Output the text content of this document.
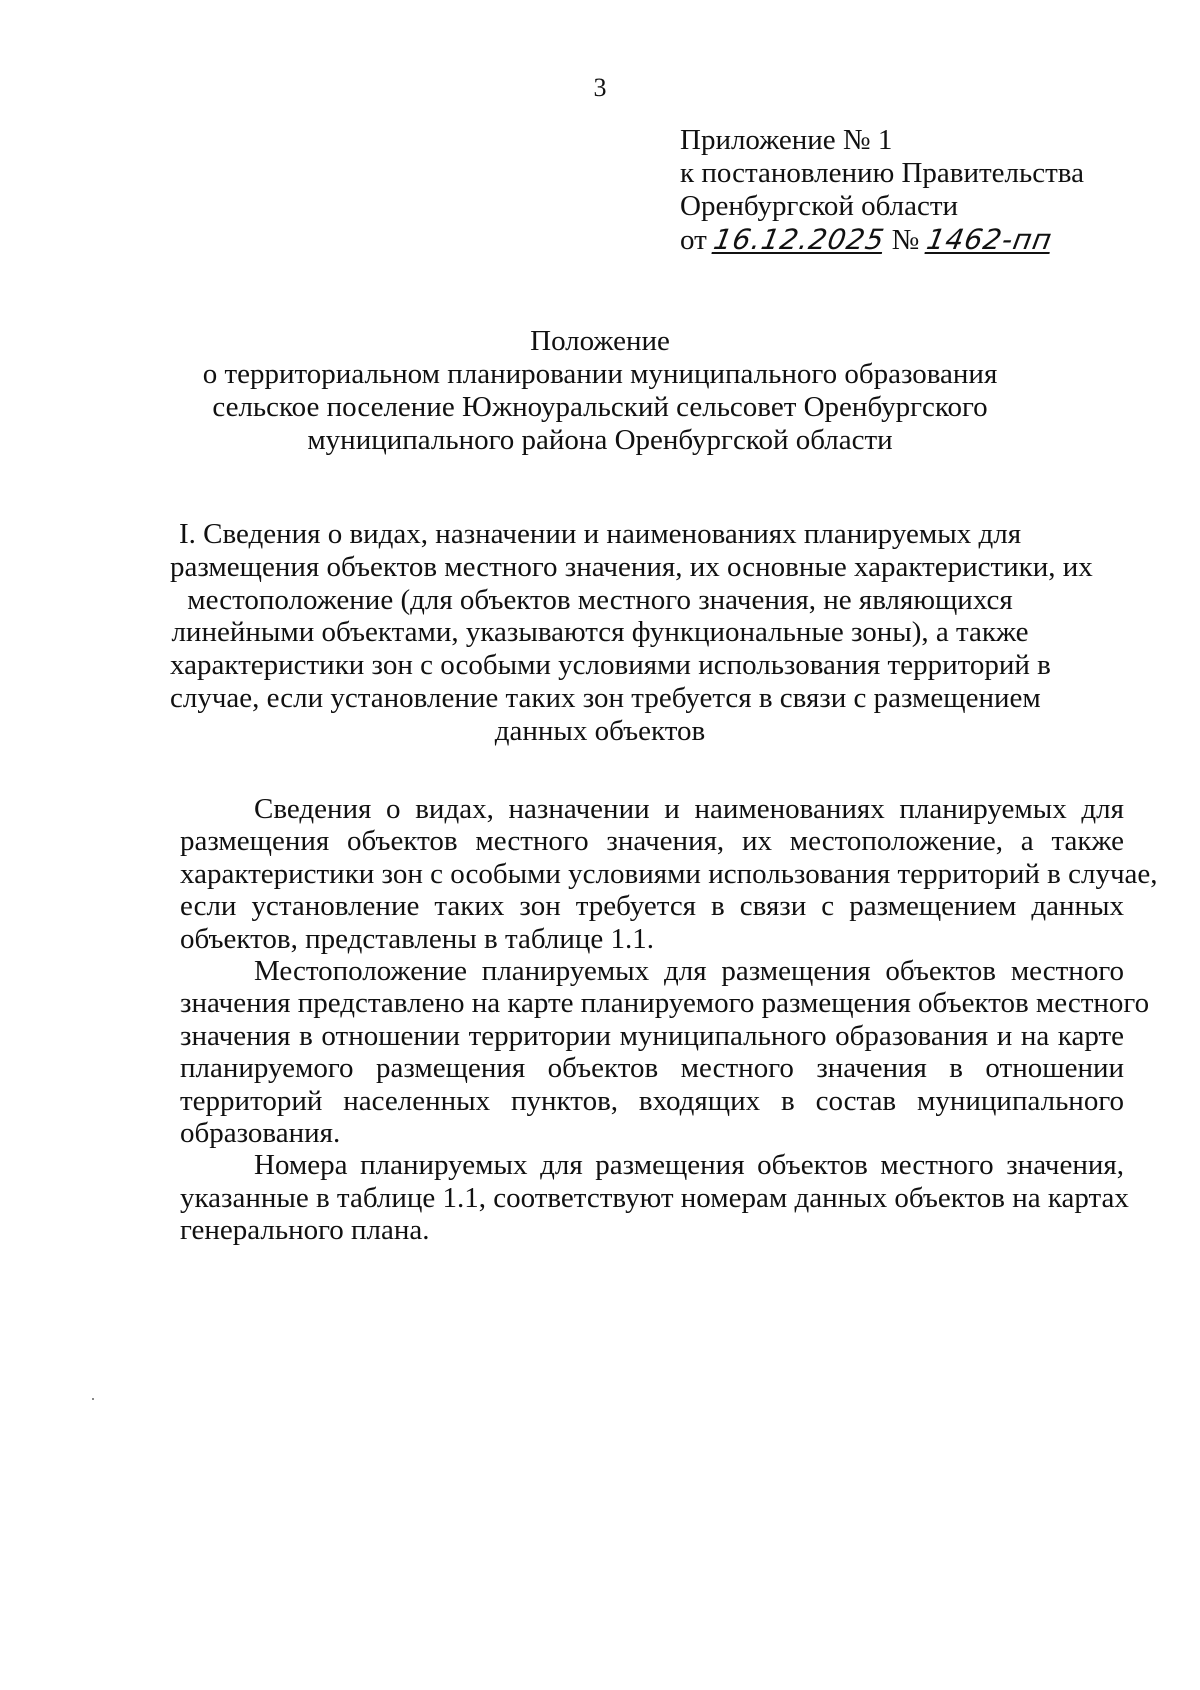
3
Приложение № 1
к постановлению Правительства
Оренбургской области
от 16.12.2025 № 1462-пп
Положение
о территориальном планировании муниципального образования
сельское поселение Южноуральский сельсовет Оренбургского
муниципального района Оренбургской области
I. Сведения о видах, назначении и наименованиях планируемых для
размещения объектов местного значения, их основные характеристики, их
местоположение (для объектов местного значения, не являющихся
линейными объектами, указываются функциональные зоны), а также
характеристики зон с особыми условиями использования территорий в
случае, если установление таких зон требуется в связи с размещением
данных объектов
Сведения о видах, назначении и наименованиях планируемых для
размещения объектов местного значения, их местоположение, а также
характеристики зон с особыми условиями использования территорий в случае,
если установление таких зон требуется в связи с размещением данных
объектов, представлены в таблице 1.1.
Местоположение планируемых для размещения объектов местного
значения представлено на карте планируемого размещения объектов местного
значения в отношении территории муниципального образования и на карте
планируемого размещения объектов местного значения в отношении
территорий населенных пунктов, входящих в состав муниципального
образования.
Номера планируемых для размещения объектов местного значения,
указанные в таблице 1.1, соответствуют номерам данных объектов на картах
генерального плана.
